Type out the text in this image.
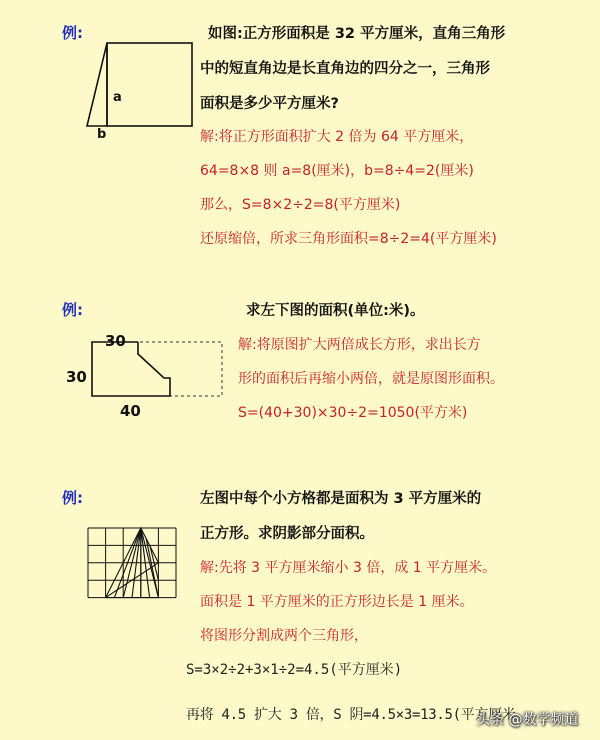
例:
a
b
如图:正方形面积是 32 平方厘米，直角三角形
中的短直角边是长直角边的四分之一，三角形
面积是多少平方厘米?
解:将正方形面积扩大 2 倍为 64 平方厘米，
64=8×8 则 a=8(厘米)，b=8÷4=2(厘米)
那么，S=8×2÷2=8(平方厘米)
还原缩倍，所求三角形面积=8÷2=4(平方厘米)
例:	求左下图的面积(单位:米)。
30
30
40
解:将原图扩大两倍成长方形，求出长方
形的面积后再缩小两倍，就是原图形面积。
S=(40+30)×30÷2=1050(平方米)
例:	左图中每个小方格都是面积为 3 平方厘米的
正方形。求阴影部分面积。
解:先将 3 平方厘米缩小 3 倍，成 1 平方厘米。
面积是 1 平方厘米的正方形边长是 1 厘米。
将图形分割成两个三角形，
S=3×2÷2+3×1÷2=4.5(平方厘米)
再将 4.5 扩大 3 倍，S 阴=4.5×3=13.5(平方厘米
头条 @数学频道
